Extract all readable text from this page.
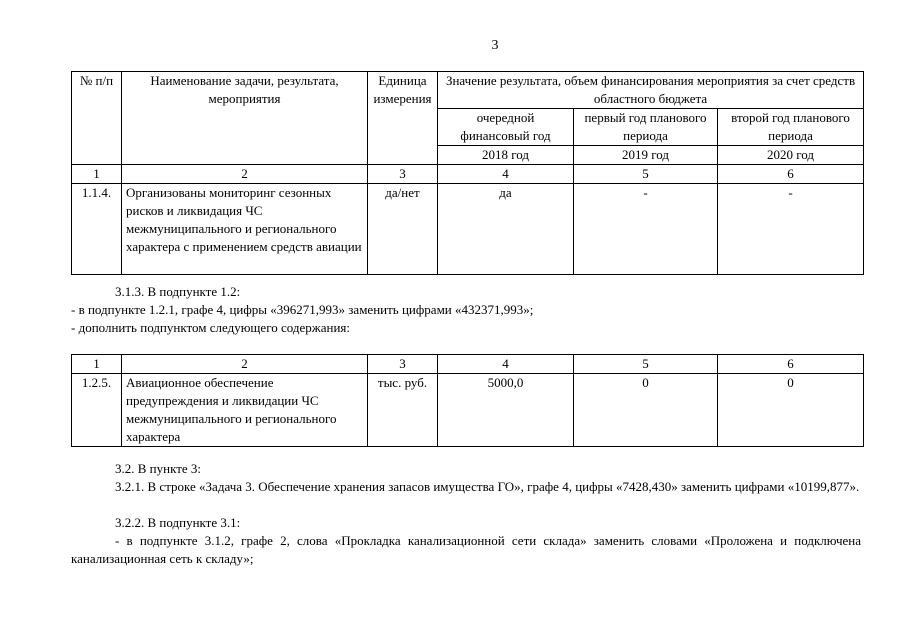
3
№ п/п	Наименование задачи, результата, мероприятия	Единица измерения	Значение результата, объем финансирования мероприятия за счет средств областного бюджета		
			очередной финансовый год	первый год планового периода	второй год планового периода
			2018 год	2019 год	2020 год
1	2	3	4	5	6
1.1.4.	Организованы мониторинг сезонных рисков и ликвидация ЧС межмуниципального и регионального характера с применением средств авиации	да/нет	да	-	-
3.1.3. В подпункте 1.2:
- в подпункте 1.2.1, графе 4, цифры «396271,993» заменить цифрами «432371,993»;
- дополнить подпунктом следующего содержания:
1	2	3	4	5	6
1.2.5.	Авиационное обеспечение предупреждения и ликвидации ЧС межмуниципального и регионального характера	тыс. руб.	5000,0	0	0
3.2. В пункте 3:
3.2.1. В строке «Задача 3. Обеспечение хранения запасов имущества ГО», графе 4, цифры «7428,430» заменить цифрами «10199,877».
3.2.2. В подпункте 3.1:
- в подпункте 3.1.2, графе 2, слова «Прокладка канализационной сети склада» заменить словами «Проложена и подключена канализационная сеть к складу»;
